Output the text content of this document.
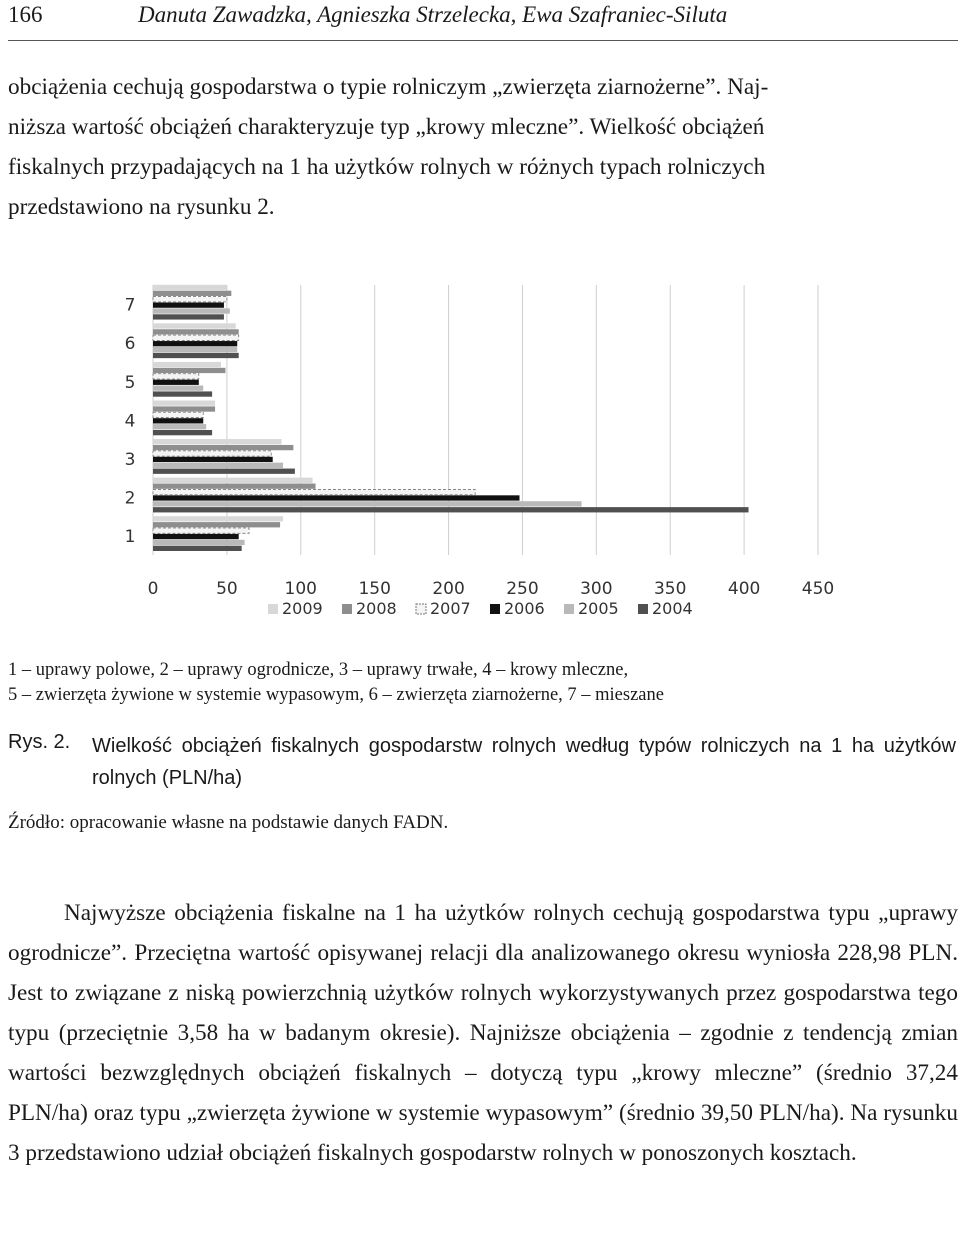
166	Danuta Zawadzka, Agnieszka Strzelecka, Ewa Szafraniec-Siluta

obciążenia cechują gospodarstwa o typie rolniczym „zwierzęta ziarnożerne”. Naj-

niższa wartość obciążeń charakteryzuje typ „krowy mleczne”. Wielkość obciążeń

fiskalnych przypadających na 1 ha użytków rolnych w różnych typach rolniczych

przedstawiono na rysunku 2.

1
2
3
4
5
6
7
0	50	100 150 200 250 300 350 400 450
2009 2008 2007 2006 2005 2004
1 – uprawy polowe, 2 – uprawy ogrodnicze, 3 – uprawy trwałe, 4 – krowy mleczne,
5 – zwierzęta żywione w systemie wypasowym, 6 – zwierzęta ziarnożerne, 7 – mieszane
Rys. 2. Wielkość obciążeń fiskalnych gospodarstw rolnych według typów rolniczych na 1 ha użytków rolnych (PLN/ha)
Źródło: opracowanie własne na podstawie danych FADN.
Najwyższe obciążenia fiskalne na 1 ha użytków rolnych cechują gospodarstwa typu „uprawy ogrodnicze”. Przeciętna wartość opisywanej relacji dla analizowanego okresu wyniosła 228,98 PLN. Jest to związane z niską powierzchnią użytków rolnych wykorzystywanych przez gospodarstwa tego typu (przeciętnie 3,58 ha w badanym okresie). Najniższe obciążenia – zgodnie z tendencją zmian wartości bezwzględnych obciążeń fiskalnych – dotyczą typu „krowy mleczne” (średnio 37,24 PLN/ha) oraz typu „zwierzęta żywione w systemie wypasowym” (średnio 39,50 PLN/ha). Na rysunku 3 przedstawiono udział obciążeń fiskalnych gospodarstw rolnych w ponoszonych kosztach.
